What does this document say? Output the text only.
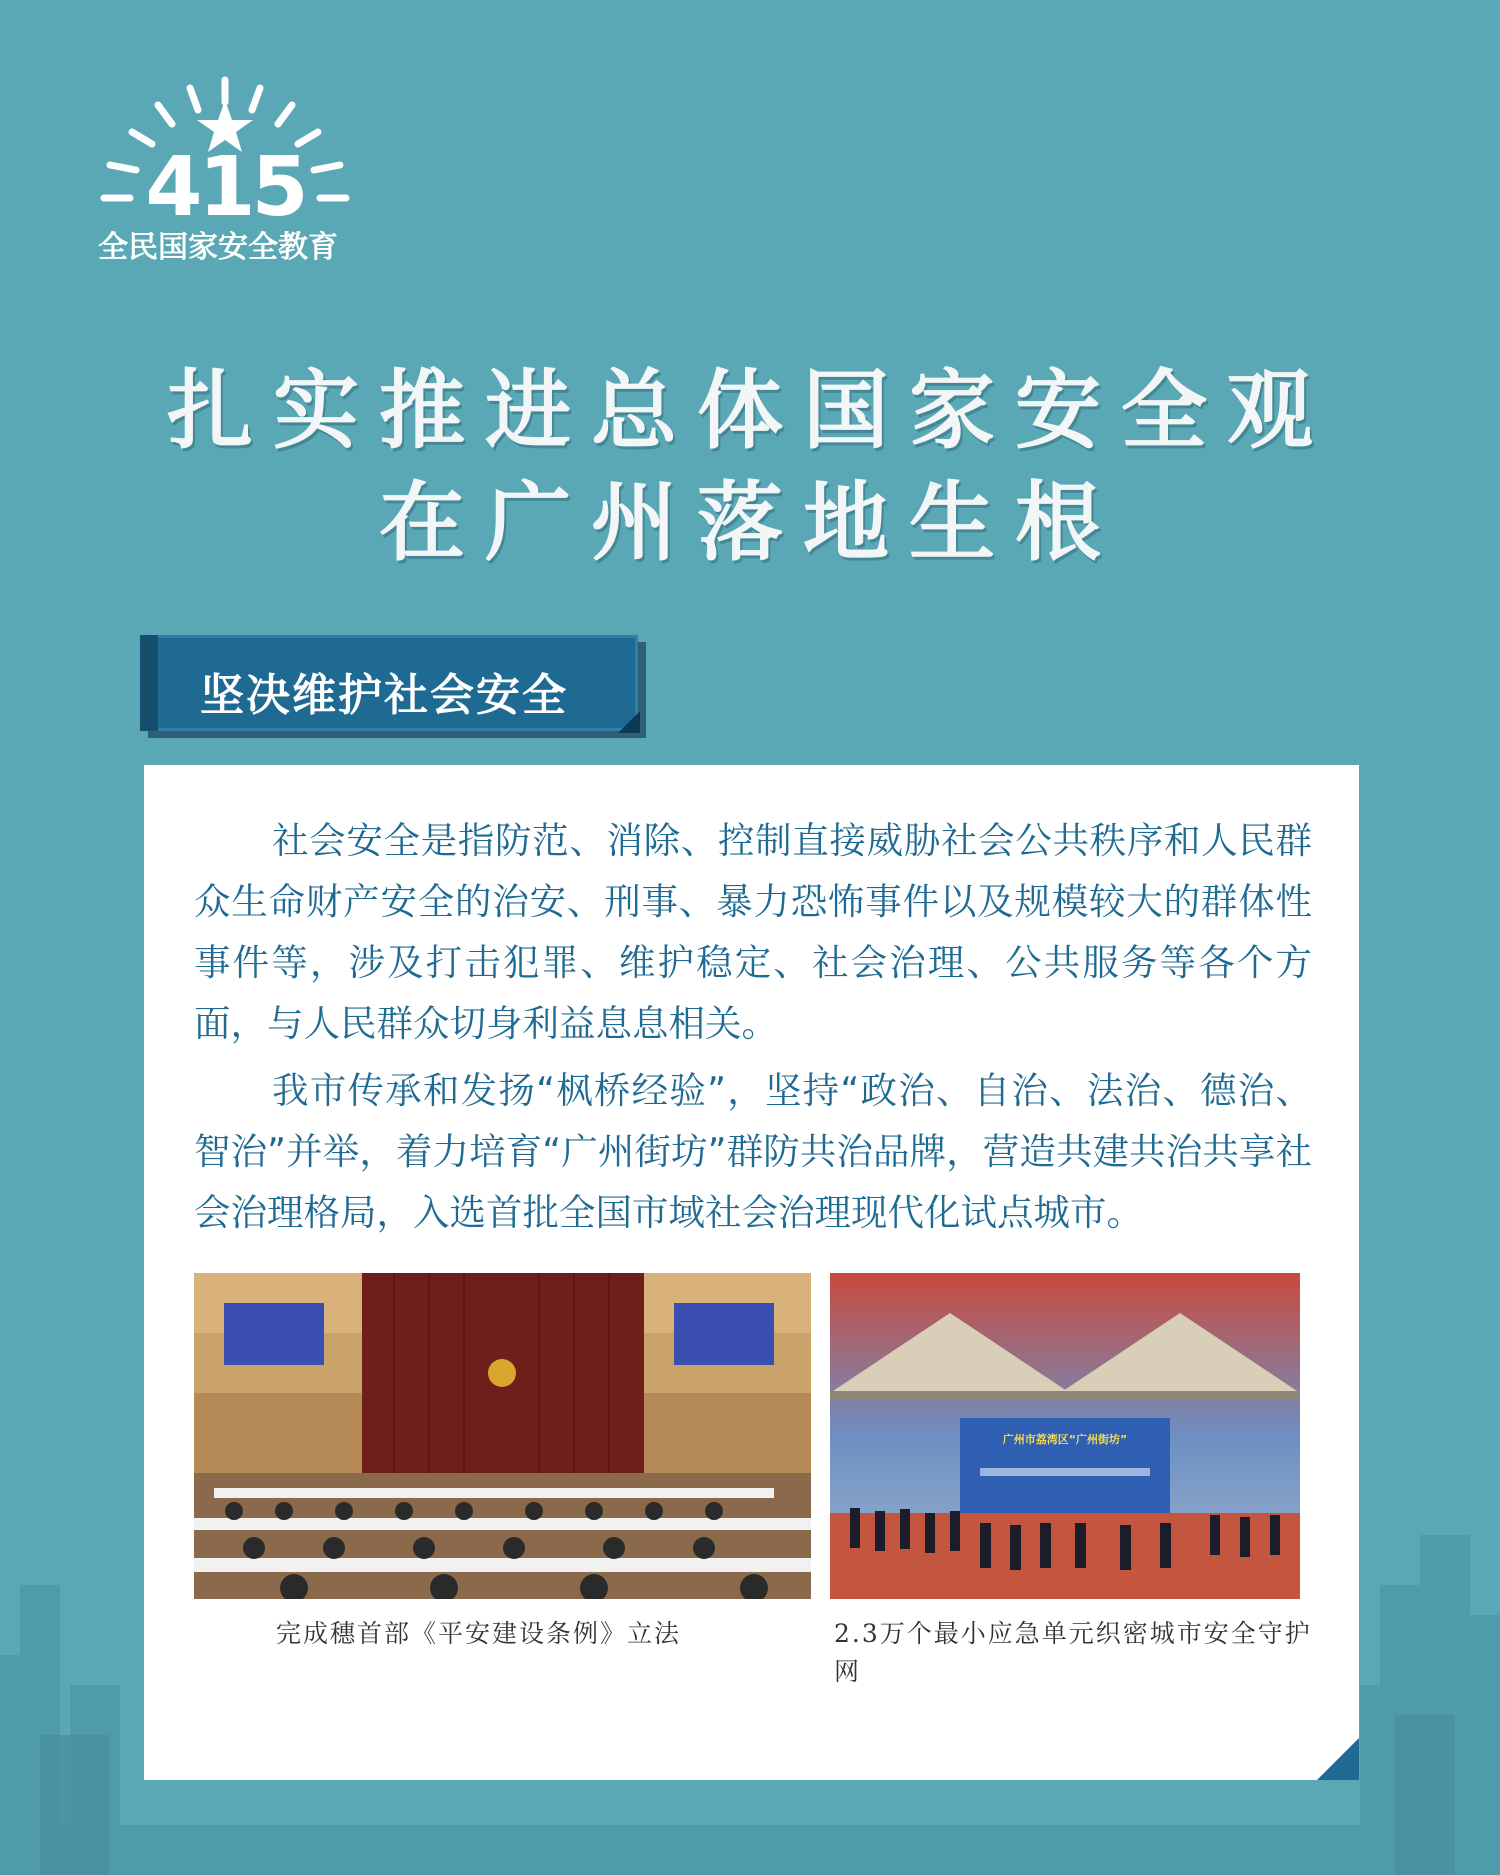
415
全民国家安全教育
扎实推进总体国家安全观
在广州落地生根
坚决维护社会安全

社会安全是指防范、消除、控制直接威胁社会公共秩序和人民群众生命财产安全的治安、刑事、暴力恐怖事件以及规模较大的群体性事件等，涉及打击犯罪、维护稳定、社会治理、公共服务等各个方面，与人民群众切身利益息息相关。

我市传承和发扬“枫桥经验”，坚持“政治、自治、法治、德治、智治”并举，着力培育“广州街坊”群防共治品牌，营造共建共治共享社会治理格局，入选首批全国市域社会治理现代化试点城市。

完成穗首部《平安建设条例》立法
广州市荔湾区“广州街坊”
2.3万个最小应急单元织密城市安全守护网
